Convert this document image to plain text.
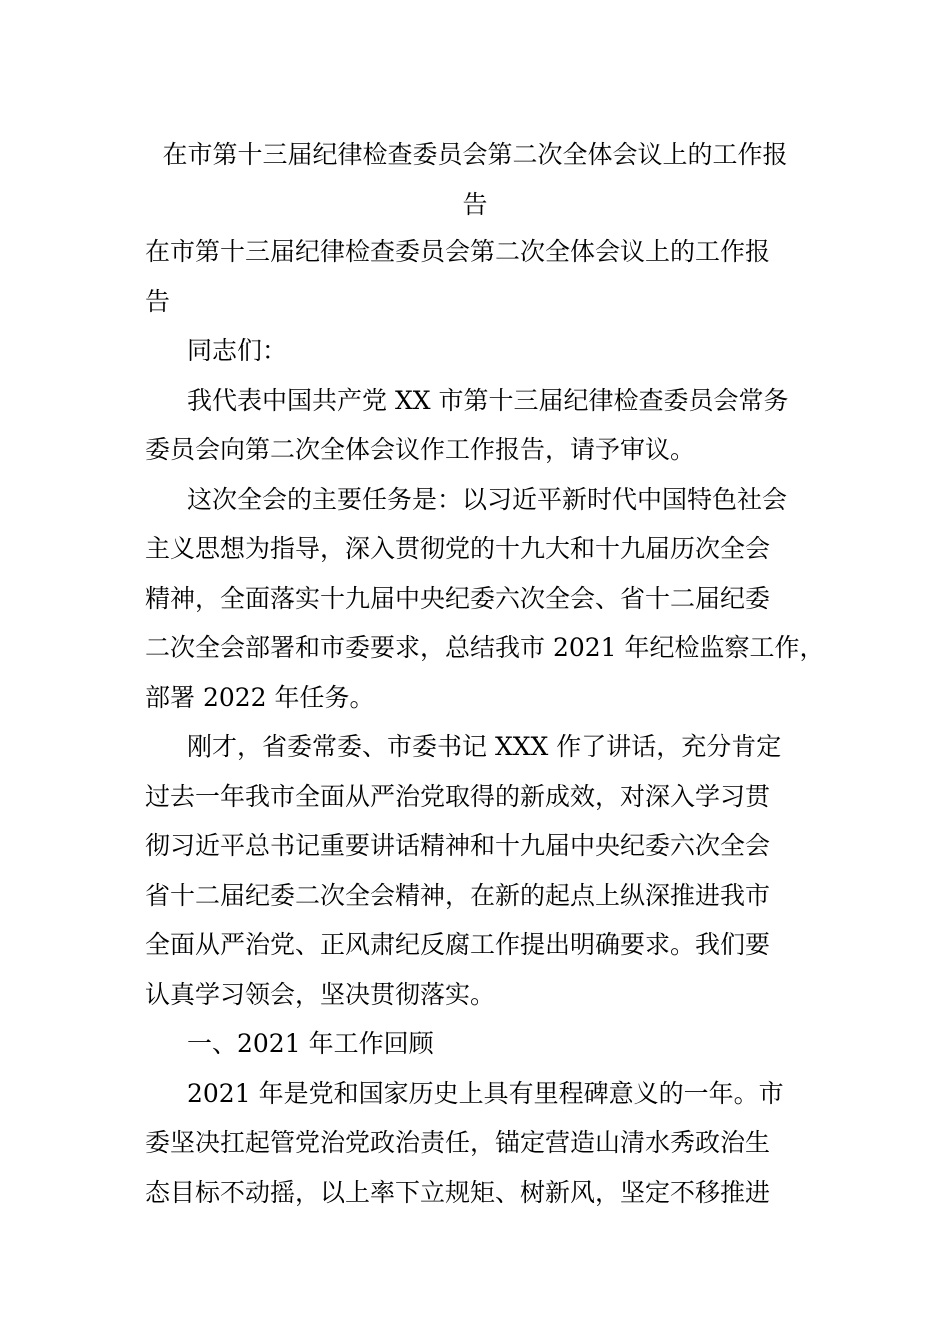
在市第十三届纪律检查委员会第二次全体会议上的工作报
告

在市第十三届纪律检查委员会第二次全体会议上的工作报
告

同志们：

我代表中国共产党 XX 市第十三届纪律检查委员会常务
委员会向第二次全体会议作工作报告，请予审议。

这次全会的主要任务是：以习近平新时代中国特色社会
主义思想为指导，深入贯彻党的十九大和十九届历次全会
精神，全面落实十九届中央纪委六次全会、省十二届纪委
二次全会部署和市委要求，总结我市 2021 年纪检监察工作，
部署 2022 年任务。

刚才，省委常委、市委书记 XXX 作了讲话，充分肯定
过去一年我市全面从严治党取得的新成效，对深入学习贯
彻习近平总书记重要讲话精神和十九届中央纪委六次全会
省十二届纪委二次全会精神，在新的起点上纵深推进我市
全面从严治党、正风肃纪反腐工作提出明确要求。我们要
认真学习领会，坚决贯彻落实。

一、2021 年工作回顾

2021 年是党和国家历史上具有里程碑意义的一年。市
委坚决扛起管党治党政治责任，锚定营造山清水秀政治生
态目标不动摇，以上率下立规矩、树新风，坚定不移推进
